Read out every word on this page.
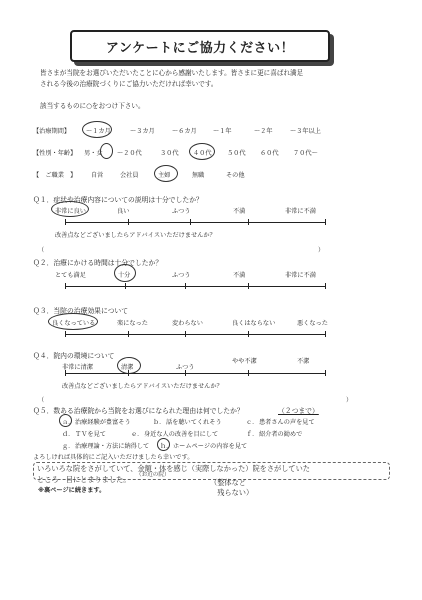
アンケートにご協力ください！
皆さまが当院をお選びいただいたことに心から感謝いたします。皆さまに更に喜ばれ満足
される今後の治療院づくりにご協力いただければ幸いです。
該当するものに○をおつけ下さい。
【治療期間】	〜１カ月	〜３カ月	〜６カ月	〜１年	〜２年	〜３年以上
【性別・年齢】 男・女 〜２０代	３０代 ４０代 ５０代 ６０代 ７０代〜
【　ご職業　】 自営	会社員	主婦	無職	その他
Ｑ１．症状や治療内容についての説明は十分でしたか？
非常に良い	良い	ふつう	不満	非常に不満
改善点などございましたらアドバイスいただけませんか？
（	）
Ｑ２．治療にかける時間は十分でしたか？
とても満足	十分	ふつう	不満	非常に不満
Ｑ３．当院の治療効果について
良くなっている	楽になった	変わらない	良くはならない	悪くなった
Ｑ４．院内の環境について
非常に清潔	清潔	ふつう
やや不潔	不潔
改善点などございましたらアドバイスいただけませんか？
（	）
Ｑ５．数ある治療院から当院をお選びになられた理由は何でしたか？	（２つまで）
ａ． 治療経験が豊富そう	ｂ． 話を聴いてくれそう	ｃ． 患者さんの声を見て
ｄ． ＴＶを見て	ｅ． 身近な人の改善を目にして	ｆ． 紹介者の勧めで
ｇ． 治療理論・方法に納得して ｈ． ホームページの内容を見て
よろしければ具体的にご記入いただけましたら幸いです。
いろいろな院をさがしていて、金額・体を感じ（実際しなかった）院をさがしていた
ところ　目にとまりました。 （お近の院）
（整体など
　残らない）
※裏ページに続きます。
